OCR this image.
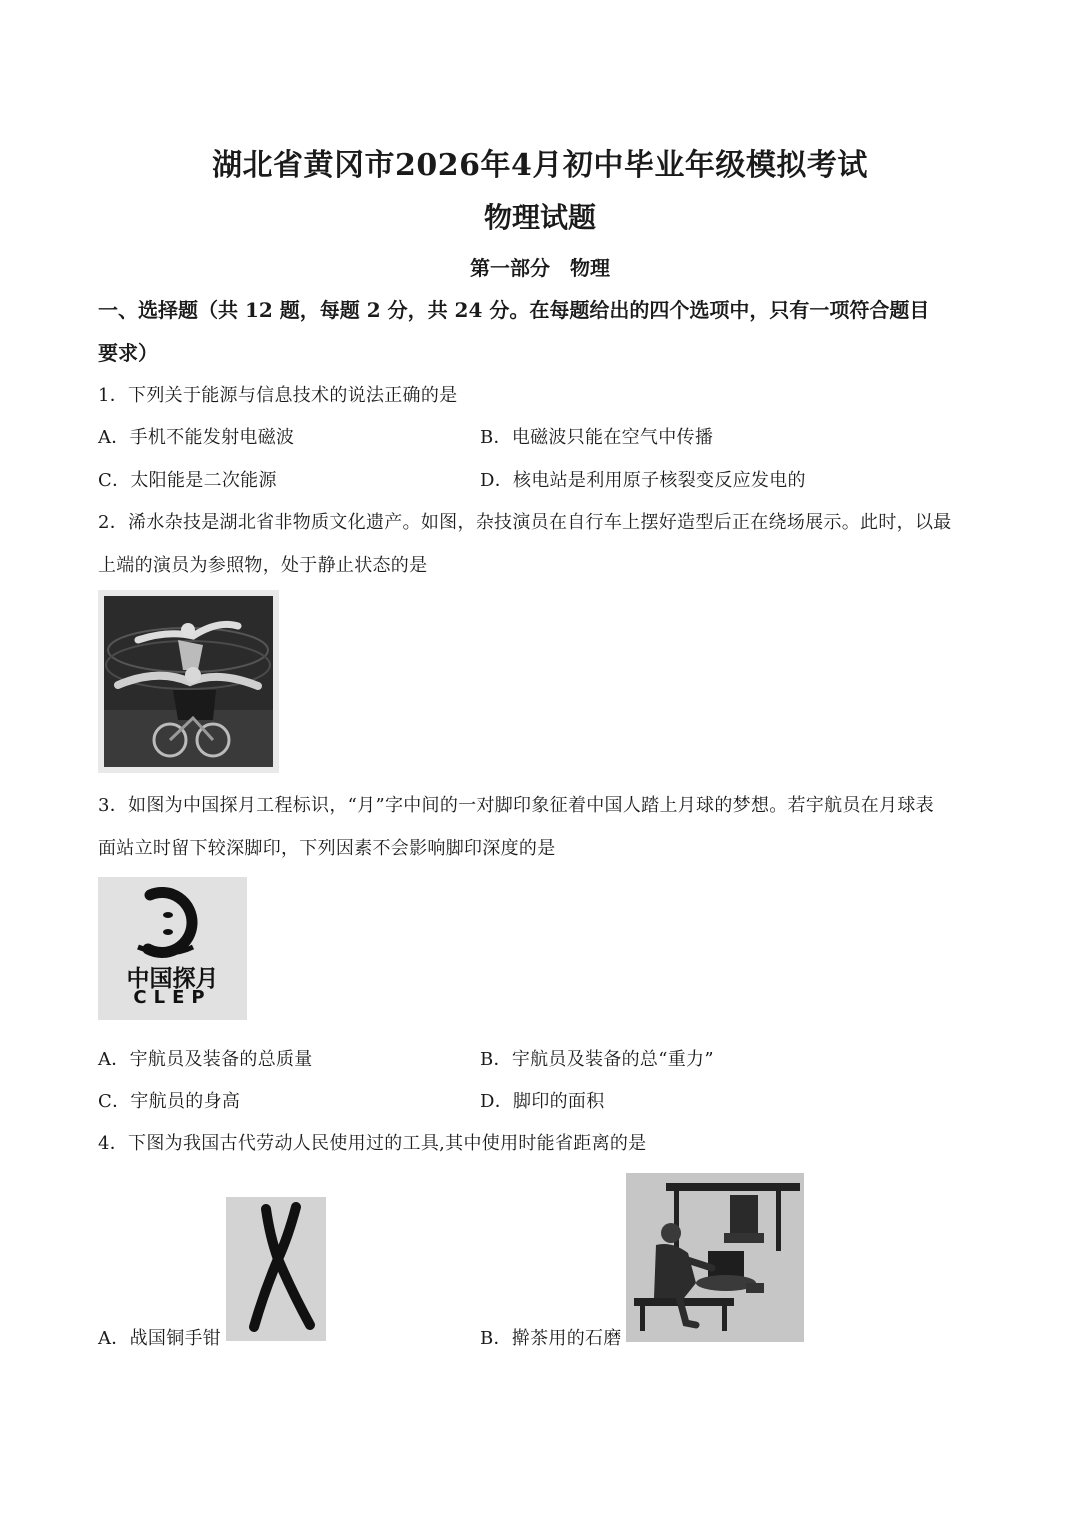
湖北省黄冈市2026年4月初中毕业年级模拟考试
物理试题
第一部分　物理
一、选择题（共 12 题，每题 2 分，共 24 分。在每题给出的四个选项中，只有一项符合题目
要求）
1．下列关于能源与信息技术的说法正确的是
A．手机不能发射电磁波	B．电磁波只能在空气中传播
C．太阳能是二次能源	D．核电站是利用原子核裂变反应发电的
2．浠水杂技是湖北省非物质文化遗产。如图，杂技演员在自行车上摆好造型后正在绕场展示。此时，以最
上端的演员为参照物，处于静止状态的是
3．如图为中国探月工程标识，“月”字中间的一对脚印象征着中国人踏上月球的梦想。若宇航员在月球表
面站立时留下较深脚印，下列因素不会影响脚印深度的是
中国探月
CLEP
A．宇航员及装备的总质量	B．宇航员及装备的总“重力”
C．宇航员的身高	D．脚印的面积
4．下图为我国古代劳动人民使用过的工具,其中使用时能省距离的是
A．战国铜手钳	B．擀茶用的石磨
